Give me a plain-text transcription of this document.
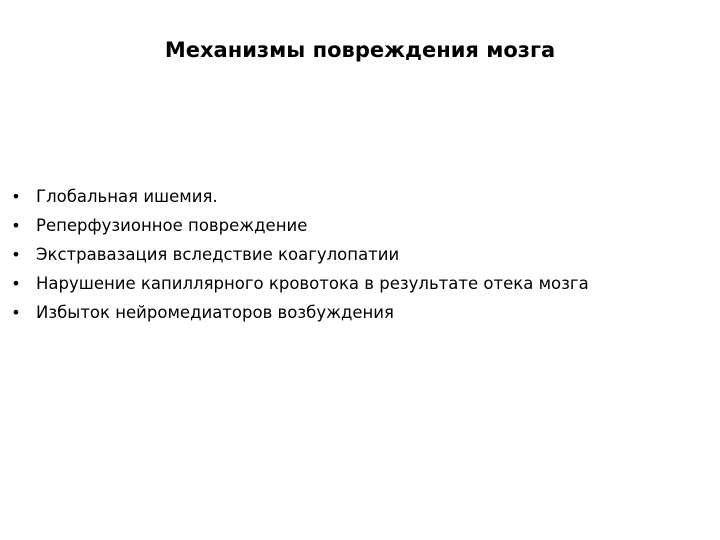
Механизмы повреждения мозга
• Глобальная ишемия.
• Реперфузионное повреждение
• Экстравазация вследствие коагулопатии
• Нарушение капиллярного кровотока в результате отека мозга
• Избыток нейромедиаторов возбуждения
